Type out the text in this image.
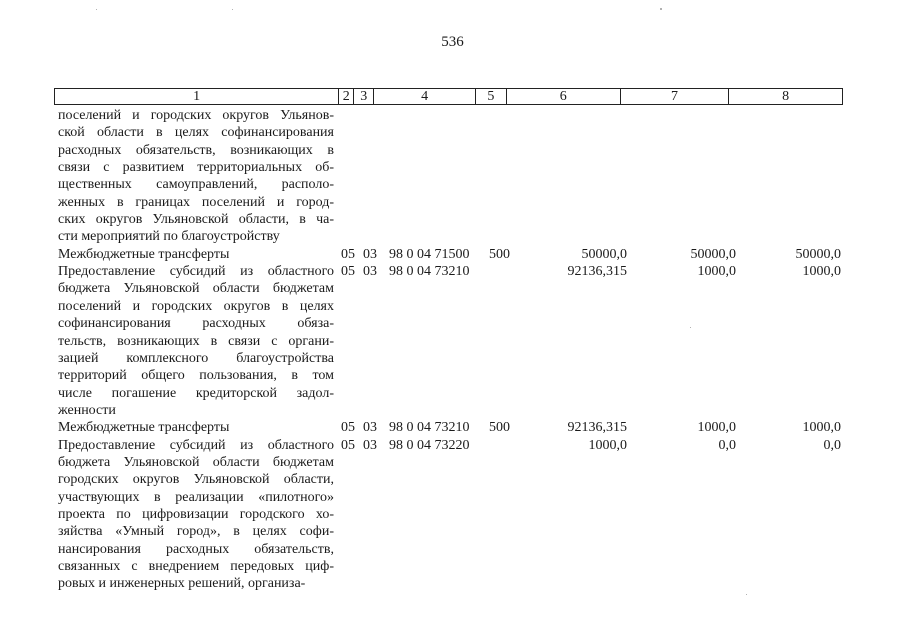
536
1	2 3	4	5	6	7	8
поселений и городских округов Ульянов-
ской области в целях софинансирования
расходных обязательств, возникающих в
связи с развитием территориальных об-
щественных самоуправлений, располо-
женных в границах поселений и город-
ских округов Ульяновской области, в ча-
сти мероприятий по благоустройству
Межбюджетные трансферты	05 03 98 0 04 71500 500	50000,0	50000,0	50000,0
Предоставление субсидий из областного
бюджета Ульяновской области бюджетам
поселений и городских округов в целях
софинансирования расходных обяза-
тельств, возникающих в связи с органи-
зацией комплексного благоустройства
территорий общего пользования, в том
числе погашение кредиторской задол-
женности
05 03 98 0 04 73210	92136,315	1000,0	1000,0
Межбюджетные трансферты	05 03 98 0 04 73210 500	92136,315	1000,0	1000,0
Предоставление субсидий из областного
бюджета Ульяновской области бюджетам
городских округов Ульяновской области,
участвующих в реализации «пилотного»
проекта по цифровизации городского хо-
зяйства «Умный город», в целях софи-
нансирования расходных обязательств,
связанных с внедрением передовых циф-
ровых и инженерных решений, организа-
05 03 98 0 04 73220	1000,0	0,0	0,0
